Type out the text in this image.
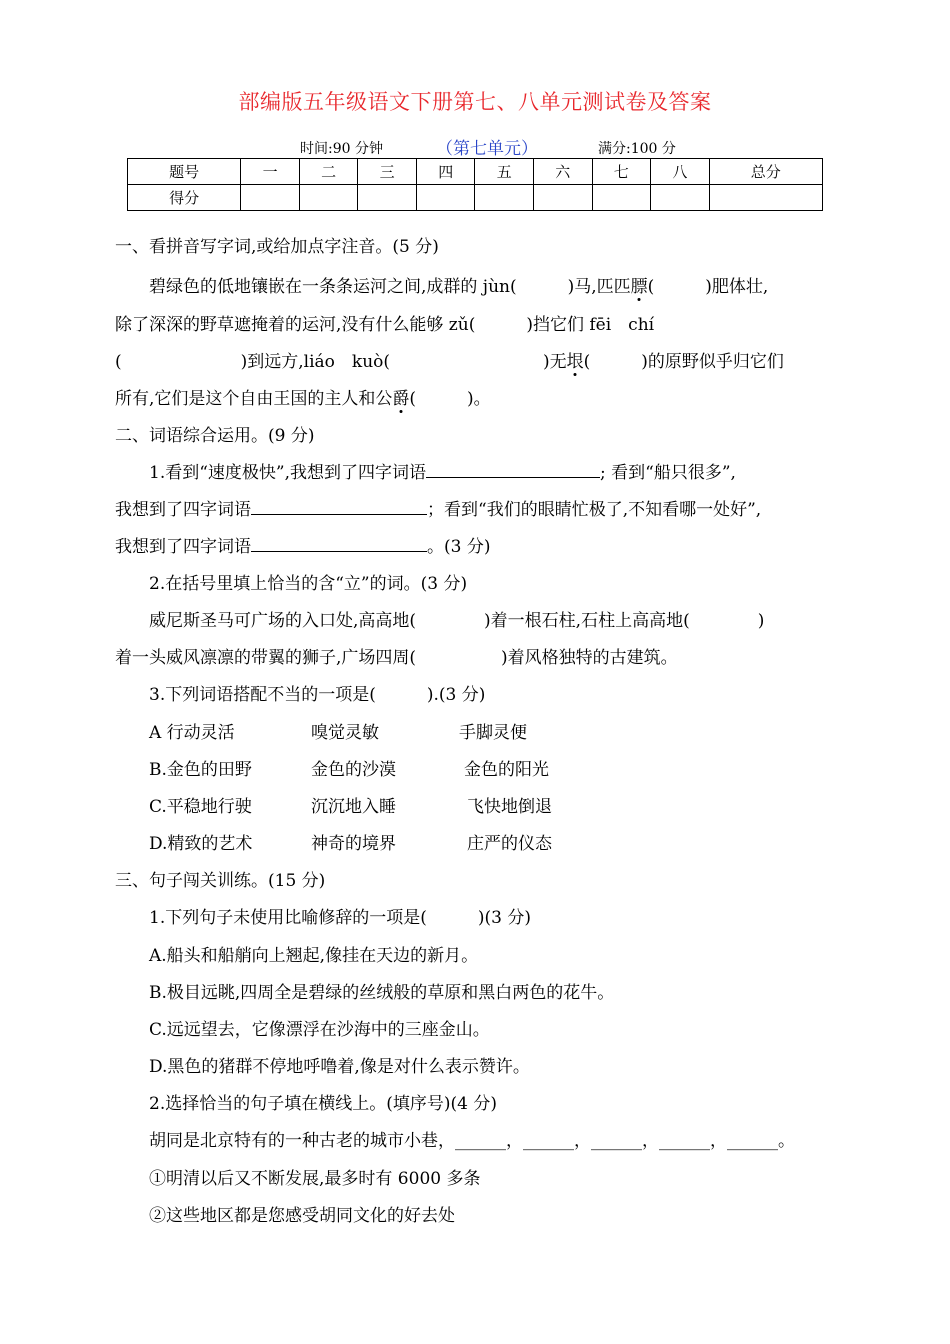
部编版五年级语文下册第七、八单元测试卷及答案
时间:90 分钟	（第七单元）	满分:100 分
题号	一	二	三	四	五	六	七	八	总分
得分									
一、看拼音写字词,或给加点字注音。(5 分)
碧绿色的低地镶嵌在一条条运河之间,成群的 jùn(　　　)马,匹匹膘(　　　)肥体壮,
除了深深的野草遮掩着的运河,没有什么能够 zǔ(　　　)挡它们 fēi　chí
(　　　　　　　)到远方,liáo　kuò(　　　　　　　　　)无垠(　　　)的原野似乎归它们
所有,它们是这个自由王国的主人和公爵(　　　)。
二、词语综合运用。(9 分)
1.看到“速度极快”,我想到了四字词语	; 看到“船只很多”,
我想到了四字词语	；看到“我们的眼睛忙极了,不知看哪一处好”,
我想到了四字词语	。(3 分)
2.在括号里填上恰当的含“立”的词。(3 分)
威尼斯圣马可广场的入口处,高高地(　　　　)着一根石柱,石柱上高高地(　　　　)
着一头威风凛凛的带翼的狮子,广场四周(　　　　　)着风格独特的古建筑。
3.下列词语搭配不当的一项是(　　　).(3 分)
A 行动灵活	嗅觉灵敏	手脚灵便
B.金色的田野	金色的沙漠	金色的阳光
C.平稳地行驶	沉沉地入睡	飞快地倒退
D.精致的艺术	神奇的境界	庄严的仪态
三、句子闯关训练。(15 分)
1.下列句子未使用比喻修辞的一项是(　　　)(3 分)
A.船头和船艄向上翘起,像挂在天边的新月。
B.极目远眺,四周全是碧绿的丝绒般的草原和黑白两色的花牛。
C.远远望去，它像漂浮在沙海中的三座金山。
D.黑色的猪群不停地呼噜着,像是对什么表示赞许。
2.选择恰当的句子填在横线上。(填序号)(4 分)
胡同是北京特有的一种古老的城市小巷，______，______，______，______，______。
①明清以后又不断发展,最多时有 6000 多条
②这些地区都是您感受胡同文化的好去处
